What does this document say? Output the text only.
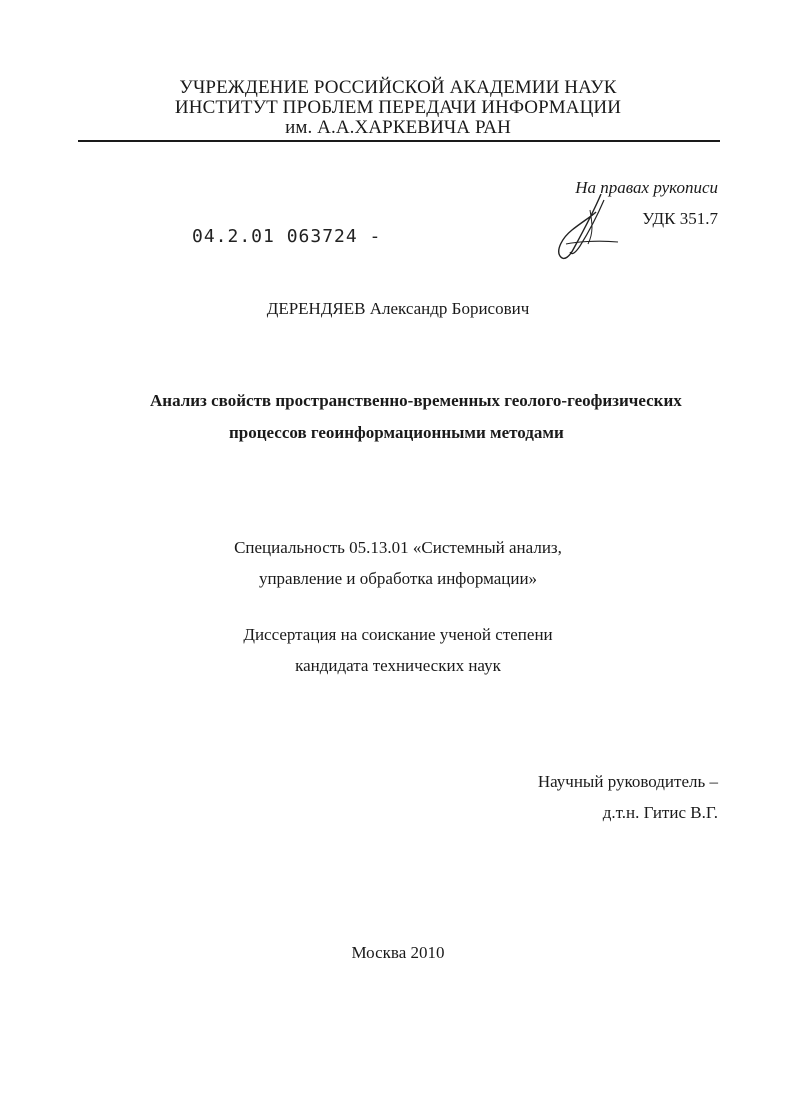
УЧРЕЖДЕНИЕ РОССИЙСКОЙ АКАДЕМИИ НАУК
ИНСТИТУТ ПРОБЛЕМ ПЕРЕДАЧИ ИНФОРМАЦИИ
им. А.А.ХАРКЕВИЧА РАН
На правах рукописи
УДК 351.7
04.2.01 063724 -
ДЕРЕНДЯЕВ Александр Борисович
Анализ свойств пространственно-временных геолого-геофизических
процессов геоинформационными методами
Специальность 05.13.01 «Системный анализ,
управление и обработка информации»
Диссертация на соискание ученой степени
кандидата технических наук
Научный руководитель –
д.т.н. Гитис В.Г.
Москва 2010
